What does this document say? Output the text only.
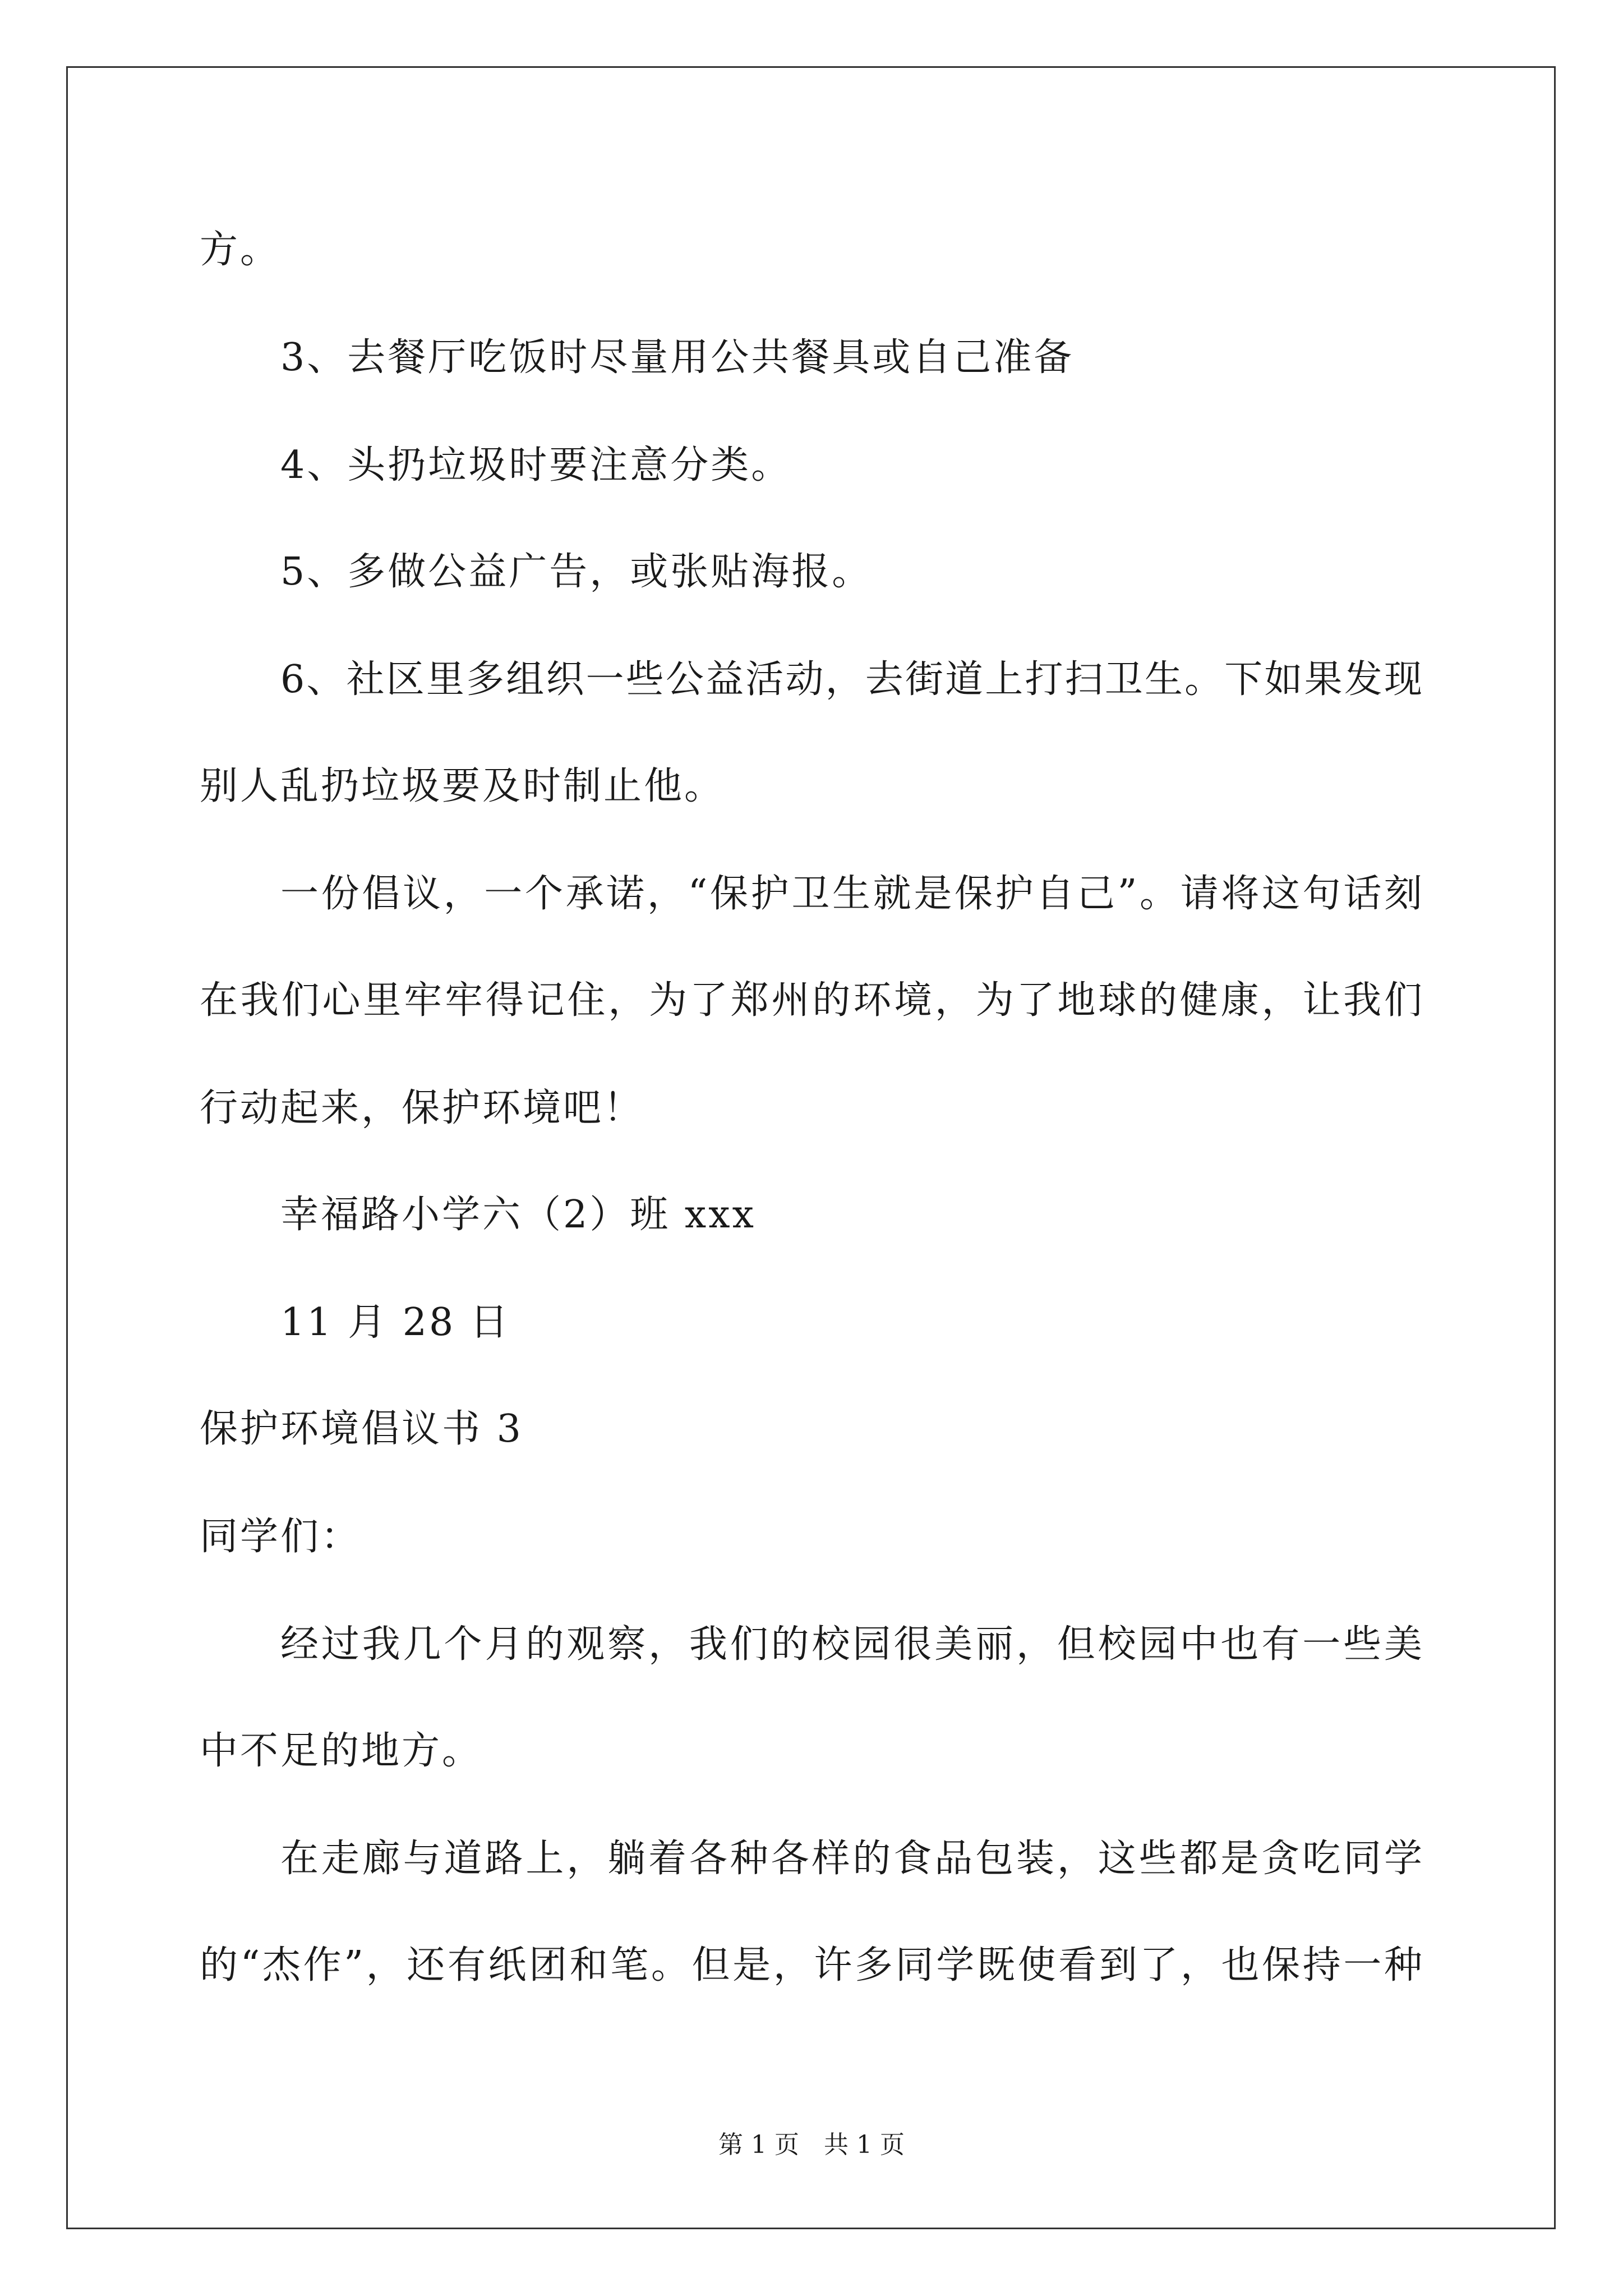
方。
3、去餐厅吃饭时尽量用公共餐具或自己准备
4、头扔垃圾时要注意分类。
5、多做公益广告，或张贴海报。
6、社区里多组织一些公益活动，去街道上打扫卫生。下如果发现
别人乱扔垃圾要及时制止他。
一份倡议，一个承诺，“保护卫生就是保护自己”。请将这句话刻
在我们心里牢牢得记住，为了郑州的环境，为了地球的健康，让我们
行动起来，保护环境吧！
幸福路小学六（2）班 xxx
11 月 28 日
保护环境倡议书 3
同学们：
经过我几个月的观察，我们的校园很美丽，但校园中也有一些美
中不足的地方。
在走廊与道路上，躺着各种各样的食品包装，这些都是贪吃同学
的“杰作”，还有纸团和笔。但是，许多同学既使看到了，也保持一种
第 1 页　共 1 页
